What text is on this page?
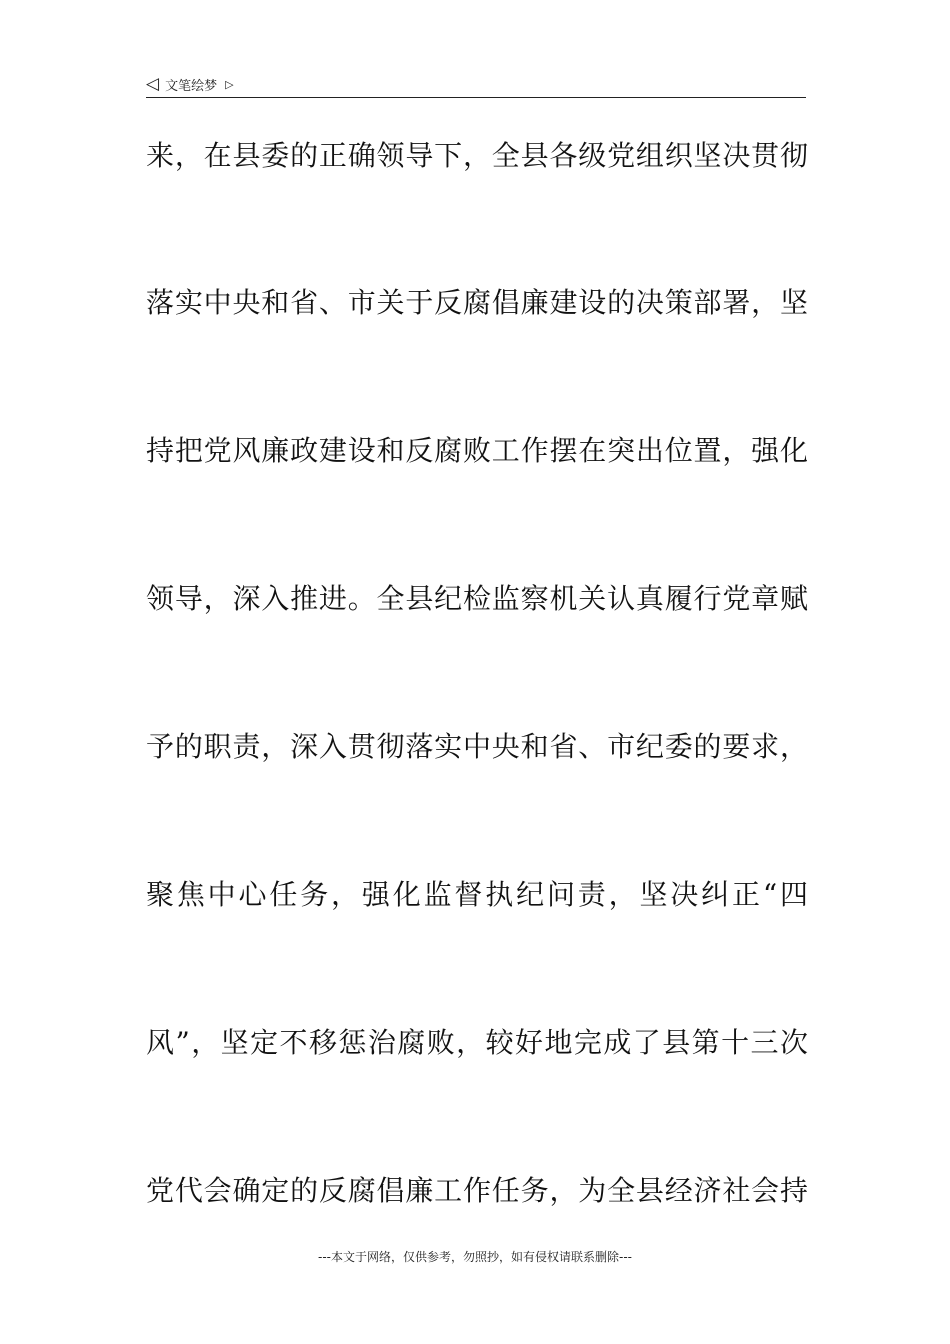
◁ 文笔绘梦 ▷
来，在县委的正确领导下，全县各级党组织坚决贯彻
落实中央和省、市关于反腐倡廉建设的决策部署，坚
持把党风廉政建设和反腐败工作摆在突出位置，强化
领导，深入推进。全县纪检监察机关认真履行党章赋
予的职责，深入贯彻落实中央和省、市纪委的要求，
聚焦中心任务，强化监督执纪问责，坚决纠正“四
风”，坚定不移惩治腐败，较好地完成了县第十三次
党代会确定的反腐倡廉工作任务，为全县经济社会持
---本文于网络，仅供参考，勿照抄，如有侵权请联系删除---
